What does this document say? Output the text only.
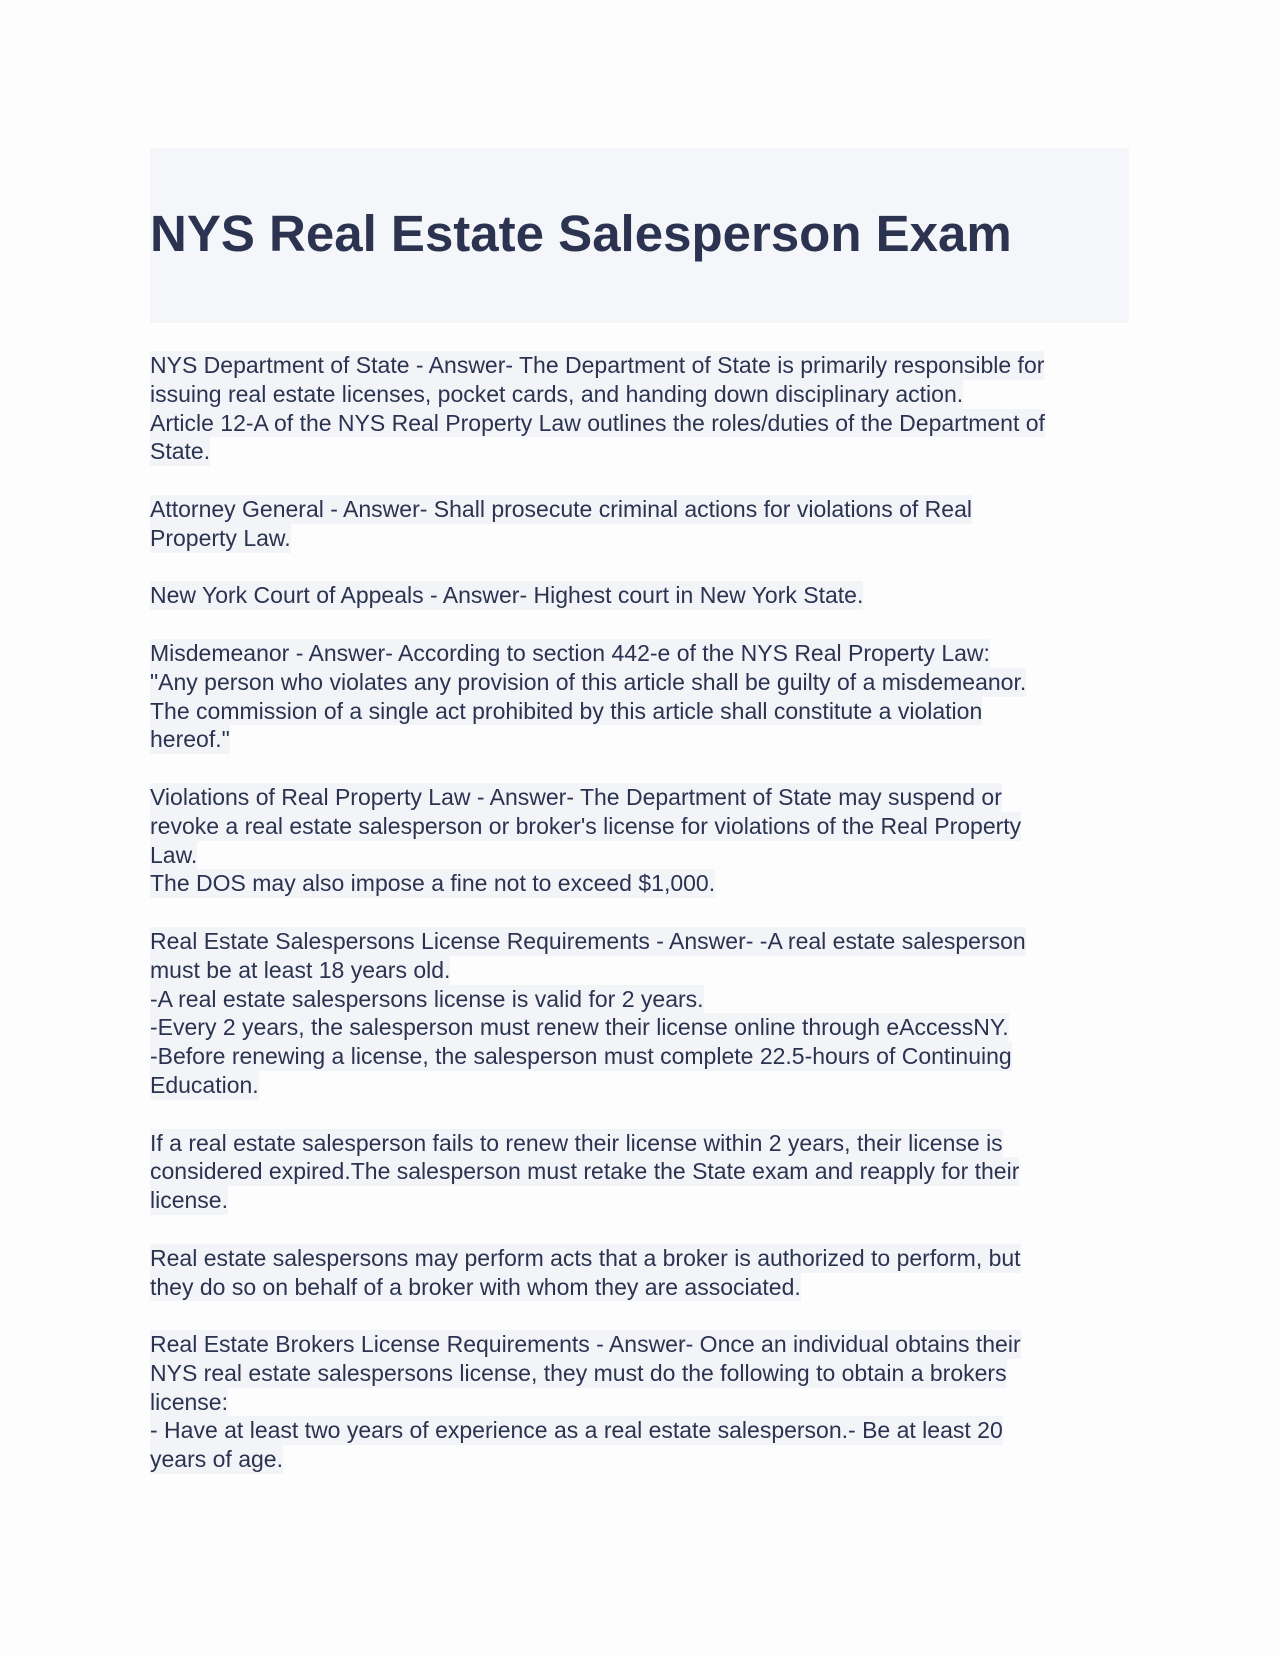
NYS Real Estate Salesperson Exam
NYS Department of State - Answer- The Department of State is primarily responsible for
issuing real estate licenses, pocket cards, and handing down disciplinary action.
Article 12-A of the NYS Real Property Law outlines the roles/duties of the Department of
State.
Attorney General - Answer- Shall prosecute criminal actions for violations of Real
Property Law.
New York Court of Appeals - Answer- Highest court in New York State.
Misdemeanor - Answer- According to section 442-e of the NYS Real Property Law:
"Any person who violates any provision of this article shall be guilty of a misdemeanor.
The commission of a single act prohibited by this article shall constitute a violation
hereof."
Violations of Real Property Law - Answer- The Department of State may suspend or
revoke a real estate salesperson or broker's license for violations of the Real Property
Law.
The DOS may also impose a fine not to exceed $1,000.
Real Estate Salespersons License Requirements - Answer- -A real estate salesperson
must be at least 18 years old.
-A real estate salespersons license is valid for 2 years.
-Every 2 years, the salesperson must renew their license online through eAccessNY.
-Before renewing a license, the salesperson must complete 22.5-hours of Continuing
Education.
If a real estate salesperson fails to renew their license within 2 years, their license is
considered expired.The salesperson must retake the State exam and reapply for their
license.
Real estate salespersons may perform acts that a broker is authorized to perform, but
they do so on behalf of a broker with whom they are associated.
Real Estate Brokers License Requirements - Answer- Once an individual obtains their
NYS real estate salespersons license, they must do the following to obtain a brokers
license:
- Have at least two years of experience as a real estate salesperson.- Be at least 20
years of age.
